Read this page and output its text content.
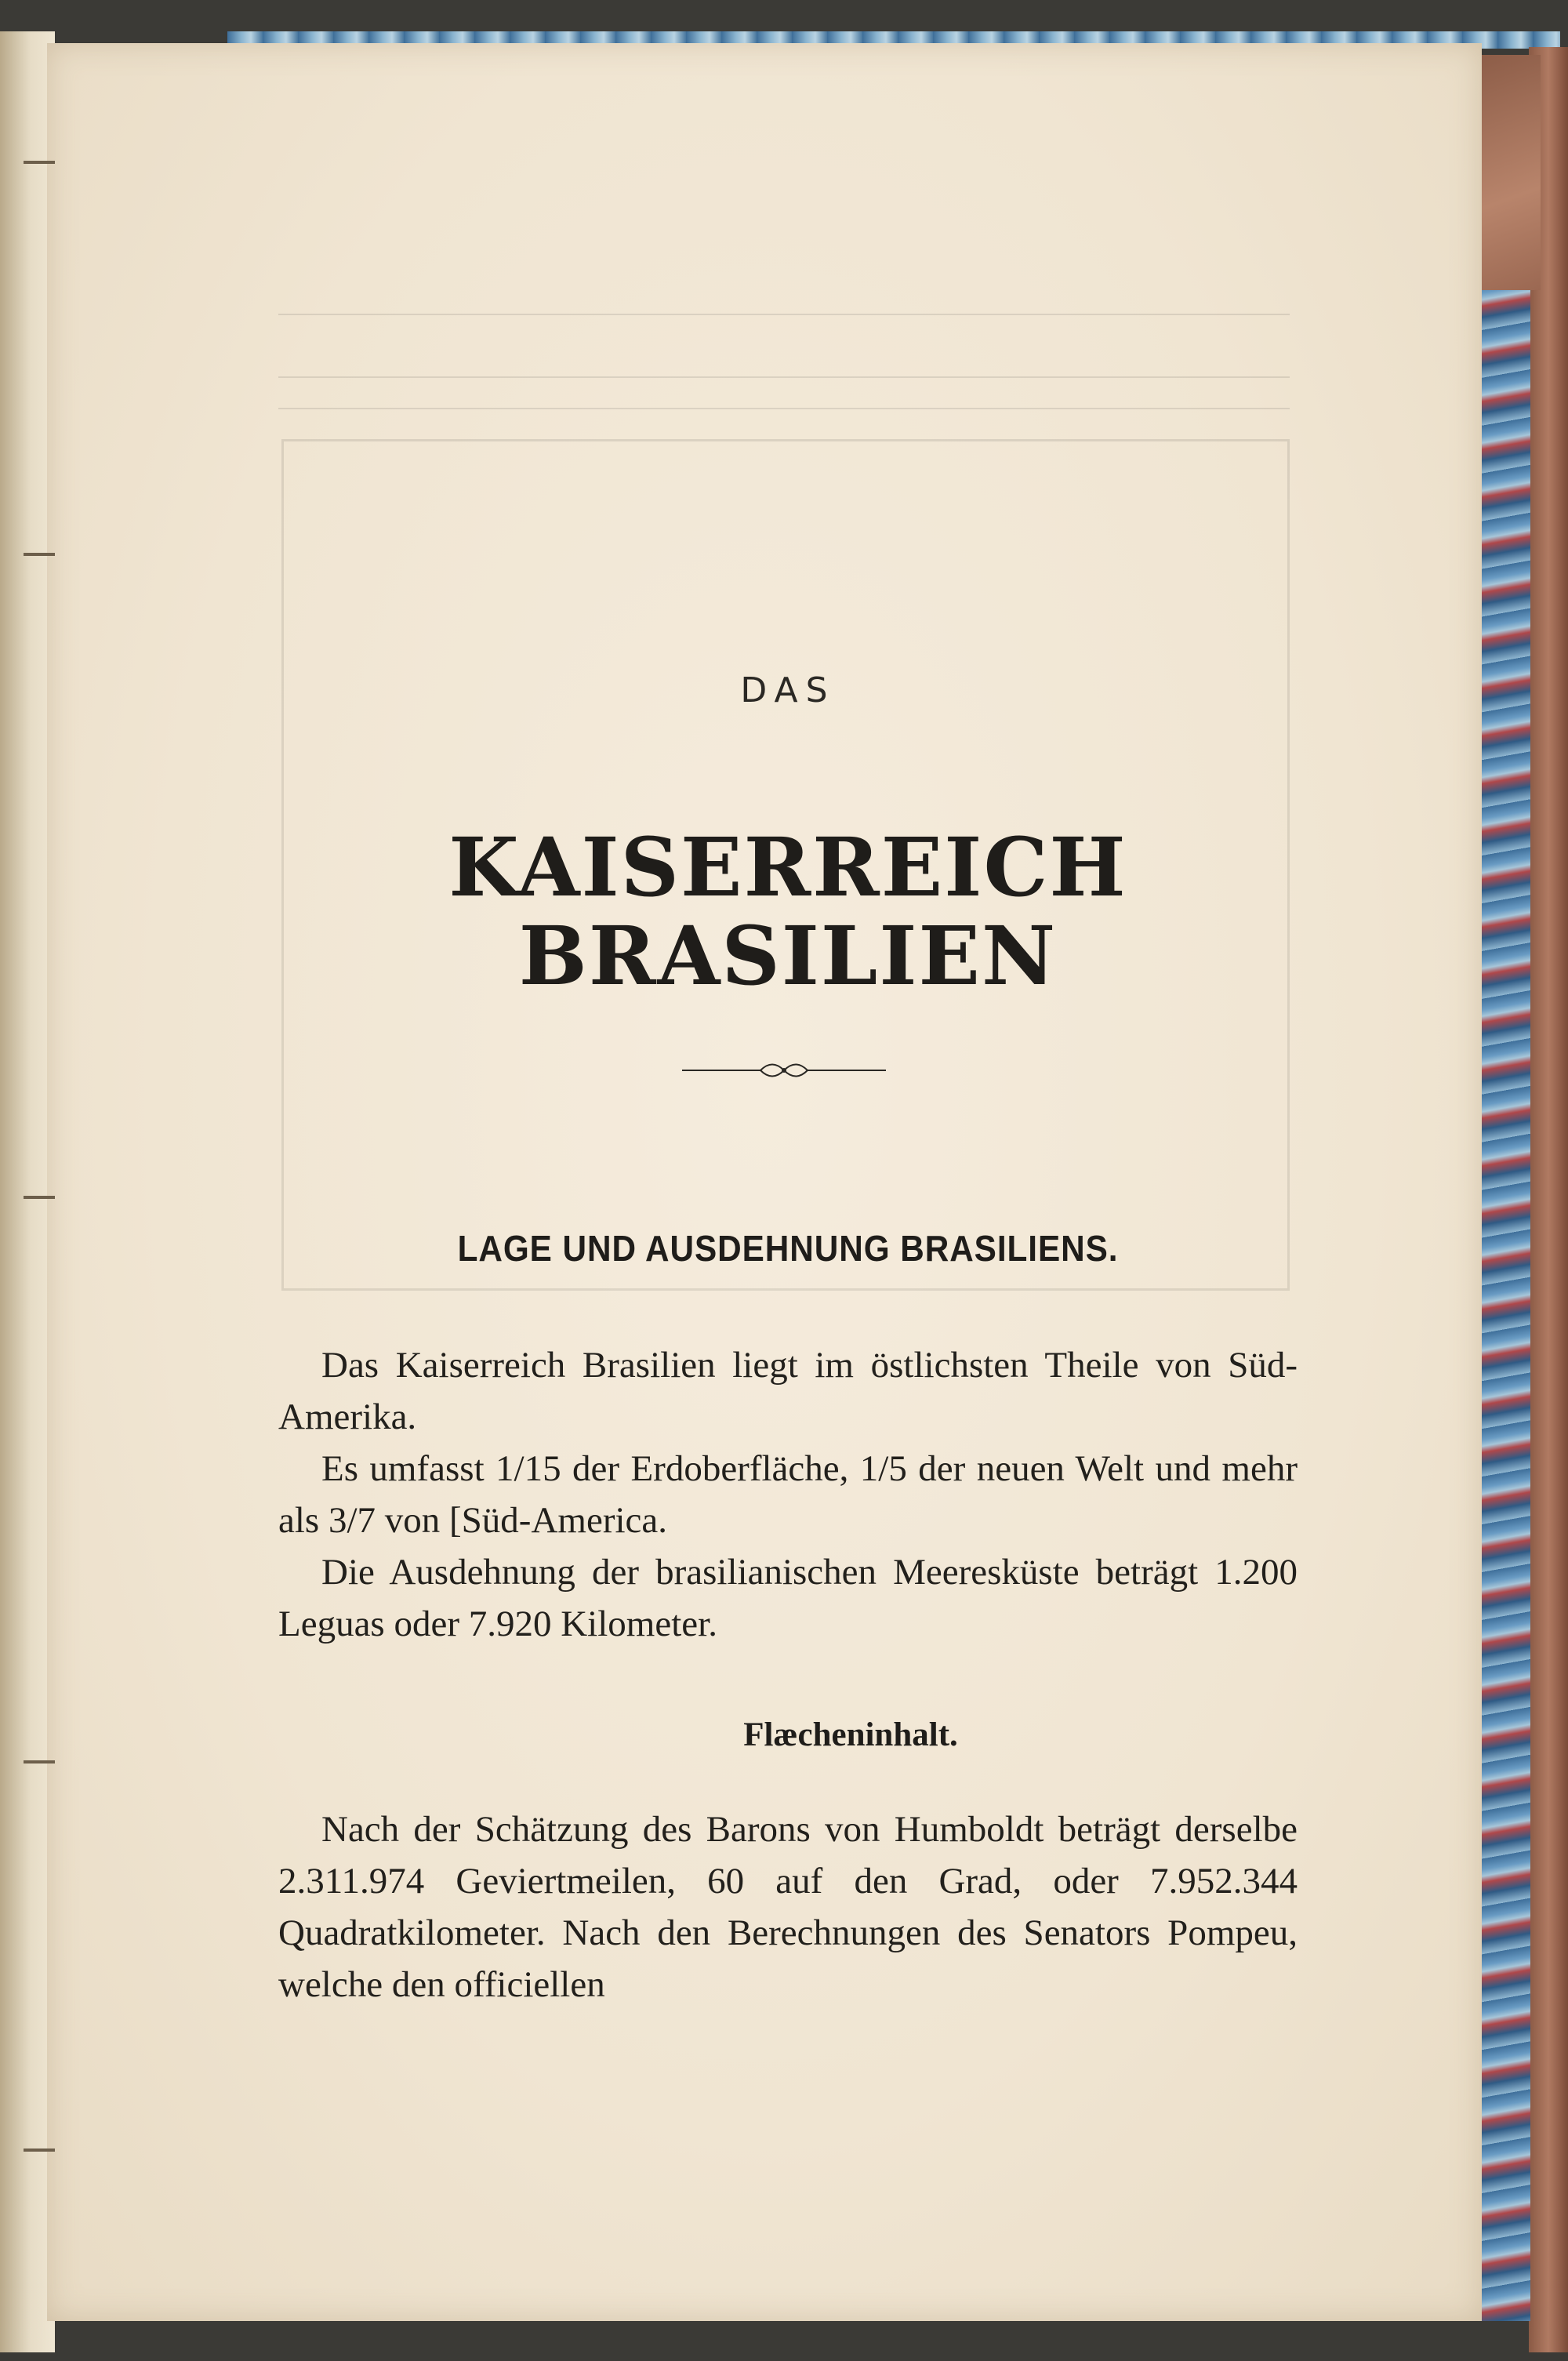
DAS
KAISERREICH BRASILIEN
LAGE UND AUSDEHNUNG BRASILIENS.

Das Kaiserreich Brasilien liegt im östlichsten Theile von Süd-Amerika.

Es umfasst 1/15 der Erdoberfläche, 1/5 der neuen Welt und mehr als 3/7 von [Süd-America.

Die Ausdehnung der brasilianischen Meeresküste beträgt 1.200 Leguas oder 7.920 Kilometer.

Flæcheninhalt.

Nach der Schätzung des Barons von Humboldt beträgt derselbe 2.311.974 Geviertmeilen, 60 auf den Grad, oder 7.952.344 Quadratkilometer. Nach den Berechnungen des Senators Pompeu, welche den officiellen
